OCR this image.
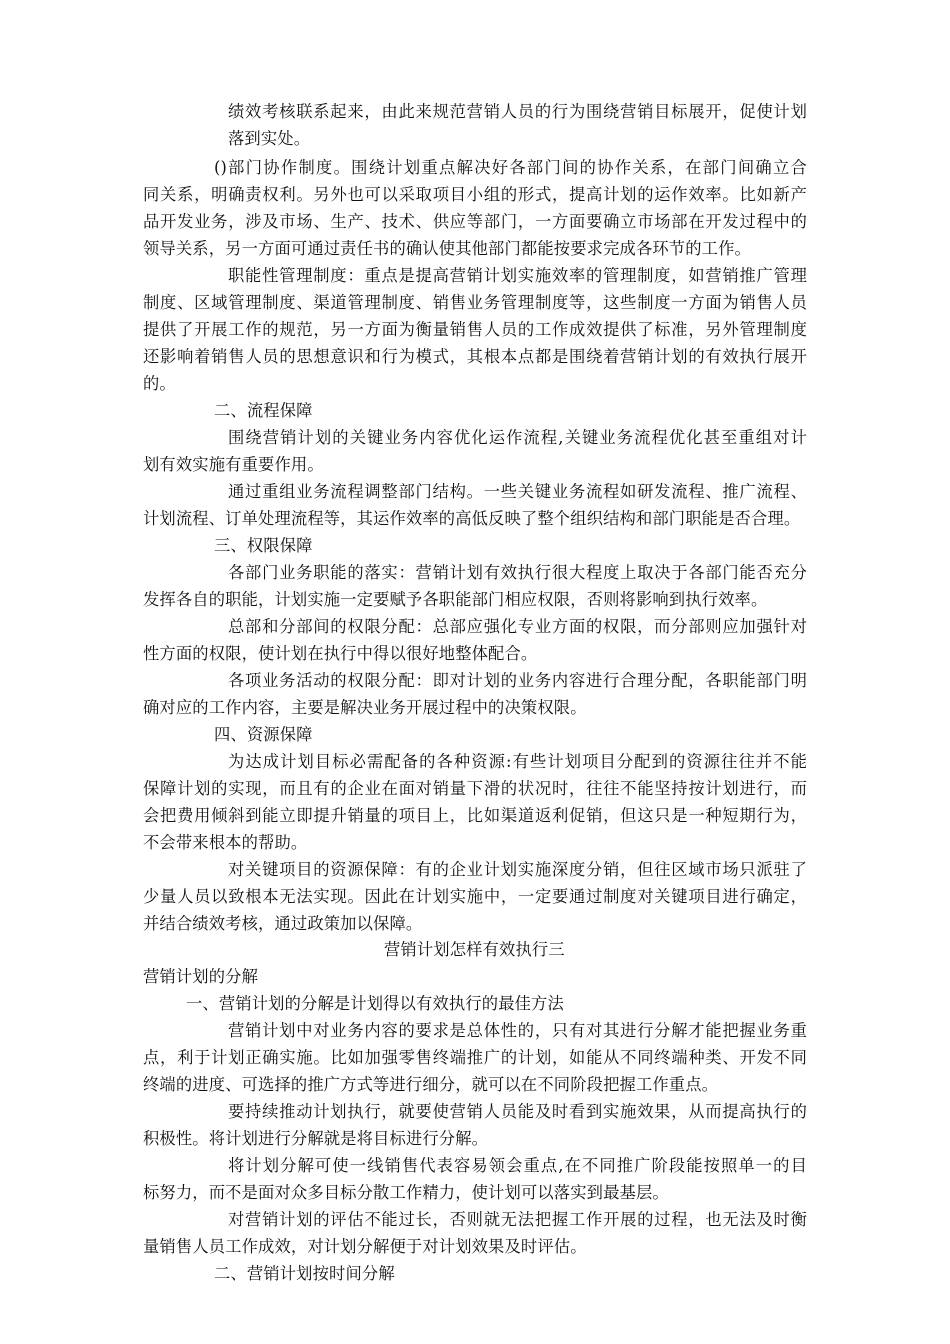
绩效考核联系起来，由此来规范营销人员的行为围绕营销目标展开，促使计划
落到实处。
()部门协作制度。围绕计划重点解决好各部门间的协作关系，在部门间确立合
同关系，明确责权利。另外也可以采取项目小组的形式，提高计划的运作效率。比如新产
品开发业务，涉及市场、生产、技术、供应等部门，一方面要确立市场部在开发过程中的
领导关系，另一方面可通过责任书的确认使其他部门都能按要求完成各环节的工作。
职能性管理制度：重点是提高营销计划实施效率的管理制度，如营销推广管理
制度、区域管理制度、渠道管理制度、销售业务管理制度等，这些制度一方面为销售人员
提供了开展工作的规范，另一方面为衡量销售人员的工作成效提供了标准，另外管理制度
还影响着销售人员的思想意识和行为模式，其根本点都是围绕着营销计划的有效执行展开
的。
二、流程保障
围绕营销计划的关键业务内容优化运作流程,关键业务流程优化甚至重组对计
划有效实施有重要作用。
通过重组业务流程调整部门结构。一些关键业务流程如研发流程、推广流程、
计划流程、订单处理流程等，其运作效率的高低反映了整个组织结构和部门职能是否合理。
三、权限保障
各部门业务职能的落实：营销计划有效执行很大程度上取决于各部门能否充分
发挥各自的职能，计划实施一定要赋予各职能部门相应权限，否则将影响到执行效率。
总部和分部间的权限分配：总部应强化专业方面的权限，而分部则应加强针对
性方面的权限，使计划在执行中得以很好地整体配合。
各项业务活动的权限分配：即对计划的业务内容进行合理分配，各职能部门明
确对应的工作内容，主要是解决业务开展过程中的决策权限。
四、资源保障
为达成计划目标必需配备的各种资源:有些计划项目分配到的资源往往并不能
保障计划的实现，而且有的企业在面对销量下滑的状况时，往往不能坚持按计划进行，而
会把费用倾斜到能立即提升销量的项目上，比如渠道返利促销，但这只是一种短期行为，
不会带来根本的帮助。
对关键项目的资源保障：有的企业计划实施深度分销，但往区域市场只派驻了
少量人员以致根本无法实现。因此在计划实施中，一定要通过制度对关键项目进行确定，
并结合绩效考核，通过政策加以保障。
营销计划怎样有效执行三
营销计划的分解
一、营销计划的分解是计划得以有效执行的最佳方法
营销计划中对业务内容的要求是总体性的，只有对其进行分解才能把握业务重
点，利于计划正确实施。比如加强零售终端推广的计划，如能从不同终端种类、开发不同
终端的进度、可选择的推广方式等进行细分，就可以在不同阶段把握工作重点。
要持续推动计划执行，就要使营销人员能及时看到实施效果，从而提高执行的
积极性。将计划进行分解就是将目标进行分解。
将计划分解可使一线销售代表容易领会重点,在不同推广阶段能按照单一的目
标努力，而不是面对众多目标分散工作精力，使计划可以落实到最基层。
对营销计划的评估不能过长，否则就无法把握工作开展的过程，也无法及时衡
量销售人员工作成效，对计划分解便于对计划效果及时评估。
二、营销计划按时间分解
